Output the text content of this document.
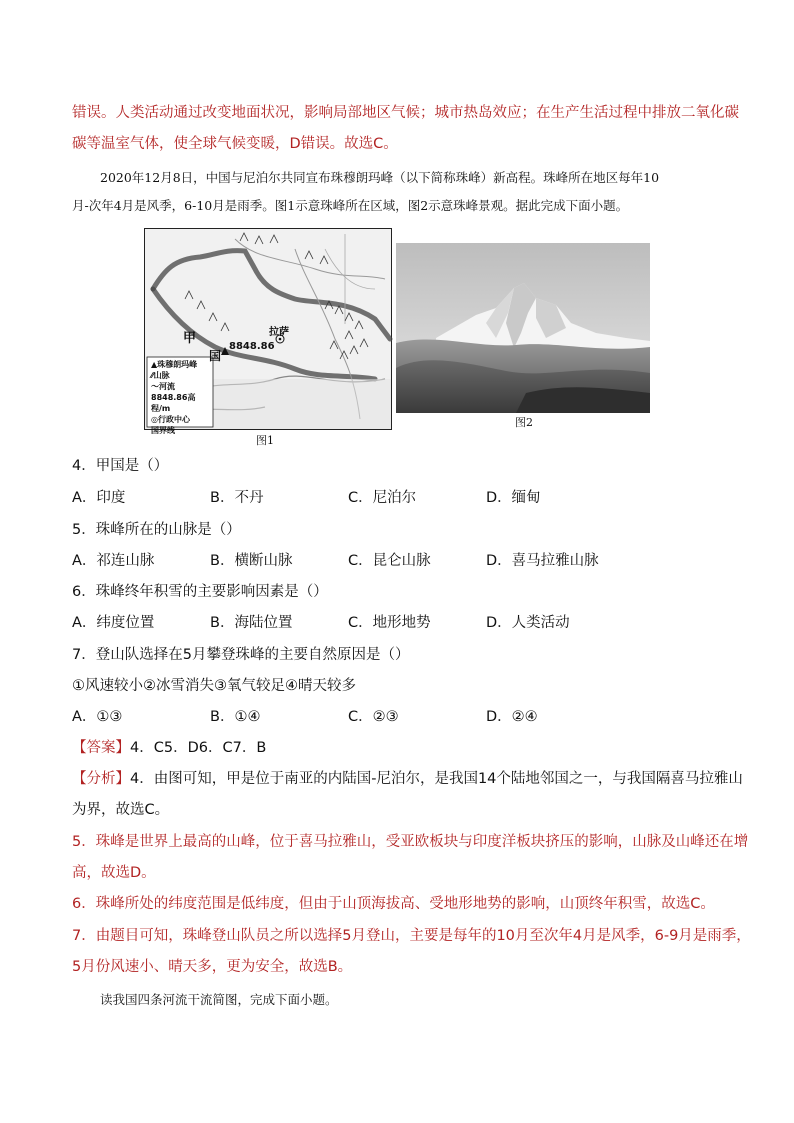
错误。人类活动通过改变地面状况，影响局部地区气候；城市热岛效应；在生产生活过程中排放二氧化碳
碳等温室气体，使全球气候变暖，D错误。故选C。
2020年12月8日，中国与尼泊尔共同宣布珠穆朗玛峰（以下简称珠峰）新高程。珠峰所在地区每年10
月-次年4月是风季，6-10月是雨季。图1示意珠峰所在区域，图2示意珠峰景观。据此完成下面小题。
甲
国
8848.86
拉萨
▲珠穆朗玛峰
⁄⁄山脉
〜河流
8848.86高程/m
◎行政中心
国界线
图1
图2
4．甲国是（）
A．印度	B．不丹	C．尼泊尔	D．缅甸
5．珠峰所在的山脉是（）
A．祁连山脉	B．横断山脉	C．昆仑山脉	D．喜马拉雅山脉
6．珠峰终年积雪的主要影响因素是（）
A．纬度位置	B．海陆位置	C．地形地势	D．人类活动
7．登山队选择在5月攀登珠峰的主要自然原因是（）
①风速较小②冰雪消失③氧气较足④晴天较多
A．①③	B．①④	C．②③	D．②④
【答案】4．C5．D6．C7．B
【分析】4．由图可知，甲是位于南亚的内陆国-尼泊尔，是我国14个陆地邻国之一，与我国隔喜马拉雅山
为界，故选C。
5．珠峰是世界上最高的山峰，位于喜马拉雅山，受亚欧板块与印度洋板块挤压的影响，山脉及山峰还在增
高，故选D。
6．珠峰所处的纬度范围是低纬度，但由于山顶海拔高、受地形地势的影响，山顶终年积雪，故选C。
7．由题目可知，珠峰登山队员之所以选择5月登山，主要是每年的10月至次年4月是风季，6-9月是雨季，
5月份风速小、晴天多，更为安全，故选B。
读我国四条河流干流简图，完成下面小题。
